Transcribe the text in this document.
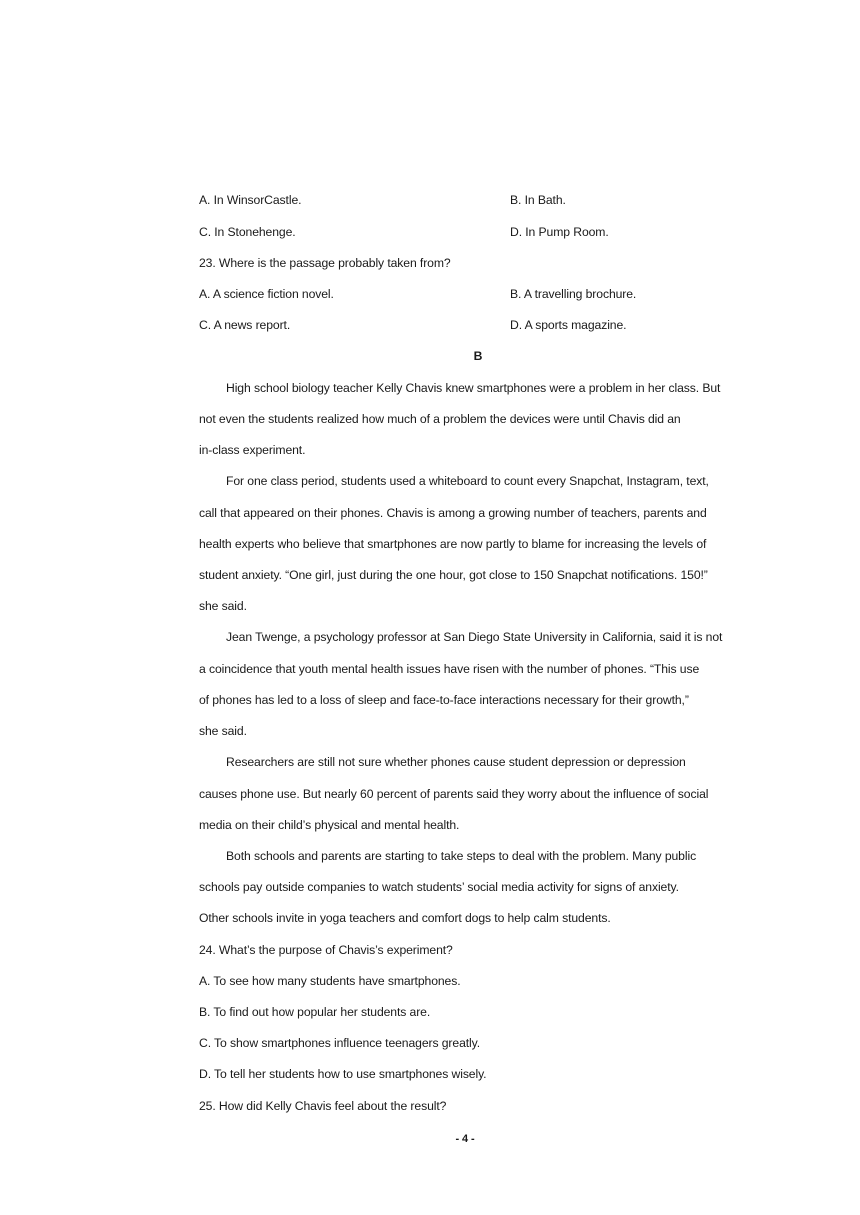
A. In WinsorCastle.	B. In Bath.
C. In Stonehenge.	D. In Pump Room.
23. Where is the passage probably taken from?
A. A science fiction novel.	B. A travelling brochure.
C. A news report.	D. A sports magazine.
B
High school biology teacher Kelly Chavis knew smartphones were a problem in her class. But
not even the students realized how much of a problem the devices were until Chavis did an
in-class experiment.
For one class period, students used a whiteboard to count every Snapchat, Instagram, text,
call that appeared on their phones. Chavis is among a growing number of teachers, parents and
health experts who believe that smartphones are now partly to blame for increasing the levels of
student anxiety. “One girl, just during the one hour, got close to 150 Snapchat notifications. 150!”
she said.
Jean Twenge, a psychology professor at San Diego State University in California, said it is not
a coincidence that youth mental health issues have risen with the number of phones. “This use
of phones has led to a loss of sleep and face-to-face interactions necessary for their growth,”
she said.
Researchers are still not sure whether phones cause student depression or depression
causes phone use. But nearly 60 percent of parents said they worry about the influence of social
media on their child’s physical and mental health.
Both schools and parents are starting to take steps to deal with the problem. Many public
schools pay outside companies to watch students’ social media activity for signs of anxiety.
Other schools invite in yoga teachers and comfort dogs to help calm students.
24. What’s the purpose of Chavis’s experiment?
A. To see how many students have smartphones.
B. To find out how popular her students are.
C. To show smartphones influence teenagers greatly.
D. To tell her students how to use smartphones wisely.
25. How did Kelly Chavis feel about the result?
- 4 -
